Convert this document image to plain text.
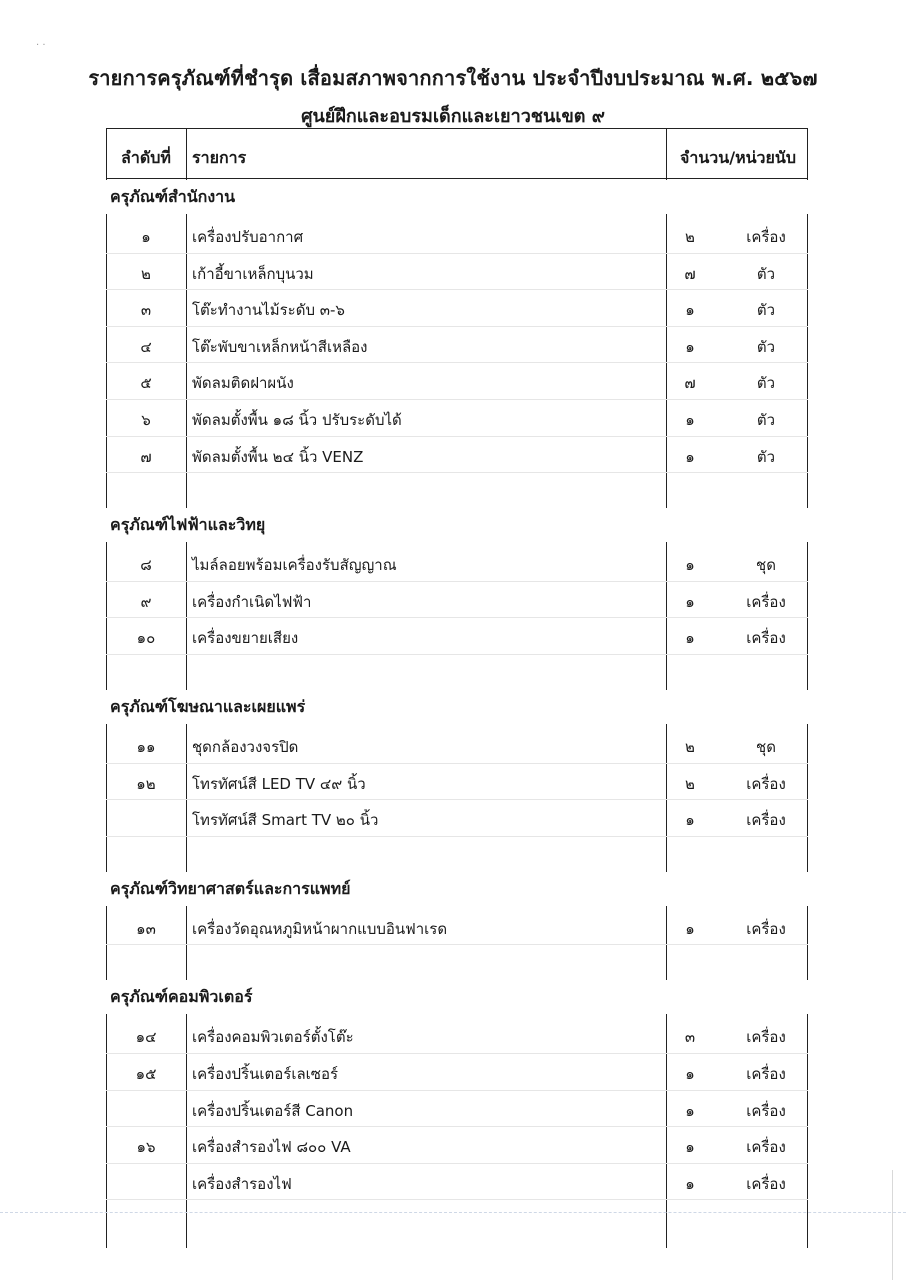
· ·
รายการครุภัณฑ์ที่ชำรุด เสื่อมสภาพจากการใช้งาน ประจำปีงบประมาณ พ.ศ. ๒๕๖๗
ศูนย์ฝึกและอบรมเด็กและเยาวชนเขต ๙
ลำดับที่	รายการ	จำนวน/หน่วยนับ
ครุภัณฑ์สำนักงาน
๑	เครื่องปรับอากาศ	๒	เครื่อง
๒	เก้าอี้ขาเหล็กบุนวม	๗	ตัว
๓	โต๊ะทำงานไม้ระดับ ๓-๖	๑	ตัว
๔	โต๊ะพับขาเหล็กหน้าสีเหลือง	๑	ตัว
๕	พัดลมติดฝาผนัง	๗	ตัว
๖	พัดลมตั้งพื้น ๑๘ นิ้ว ปรับระดับได้	๑	ตัว
๗	พัดลมตั้งพื้น ๒๔ นิ้ว VENZ	๑	ตัว
ครุภัณฑ์ไฟฟ้าและวิทยุ
๘	ไมล์ลอยพร้อมเครื่องรับสัญญาณ	๑	ชุด
๙	เครื่องกำเนิดไฟฟ้า	๑	เครื่อง
๑๐	เครื่องขยายเสียง	๑	เครื่อง
ครุภัณฑ์โฆษณาและเผยแพร่
๑๑	ชุดกล้องวงจรปิด	๒	ชุด
๑๒	โทรทัศน์สี LED TV ๔๙ นิ้ว	๒	เครื่อง
โทรทัศน์สี Smart TV ๒๐ นิ้ว	๑	เครื่อง
ครุภัณฑ์วิทยาศาสตร์และการแพทย์
๑๓	เครื่องวัดอุณหภูมิหน้าผากแบบอินฟาเรด	๑	เครื่อง
ครุภัณฑ์คอมพิวเตอร์
๑๔	เครื่องคอมพิวเตอร์ตั้งโต๊ะ	๓	เครื่อง
๑๕	เครื่องปริ้นเตอร์เลเซอร์	๑	เครื่อง
เครื่องปริ้นเตอร์สี Canon	๑	เครื่อง
๑๖	เครื่องสำรองไฟ ๘๐๐ VA	๑	เครื่อง
เครื่องสำรองไฟ	๑	เครื่อง
